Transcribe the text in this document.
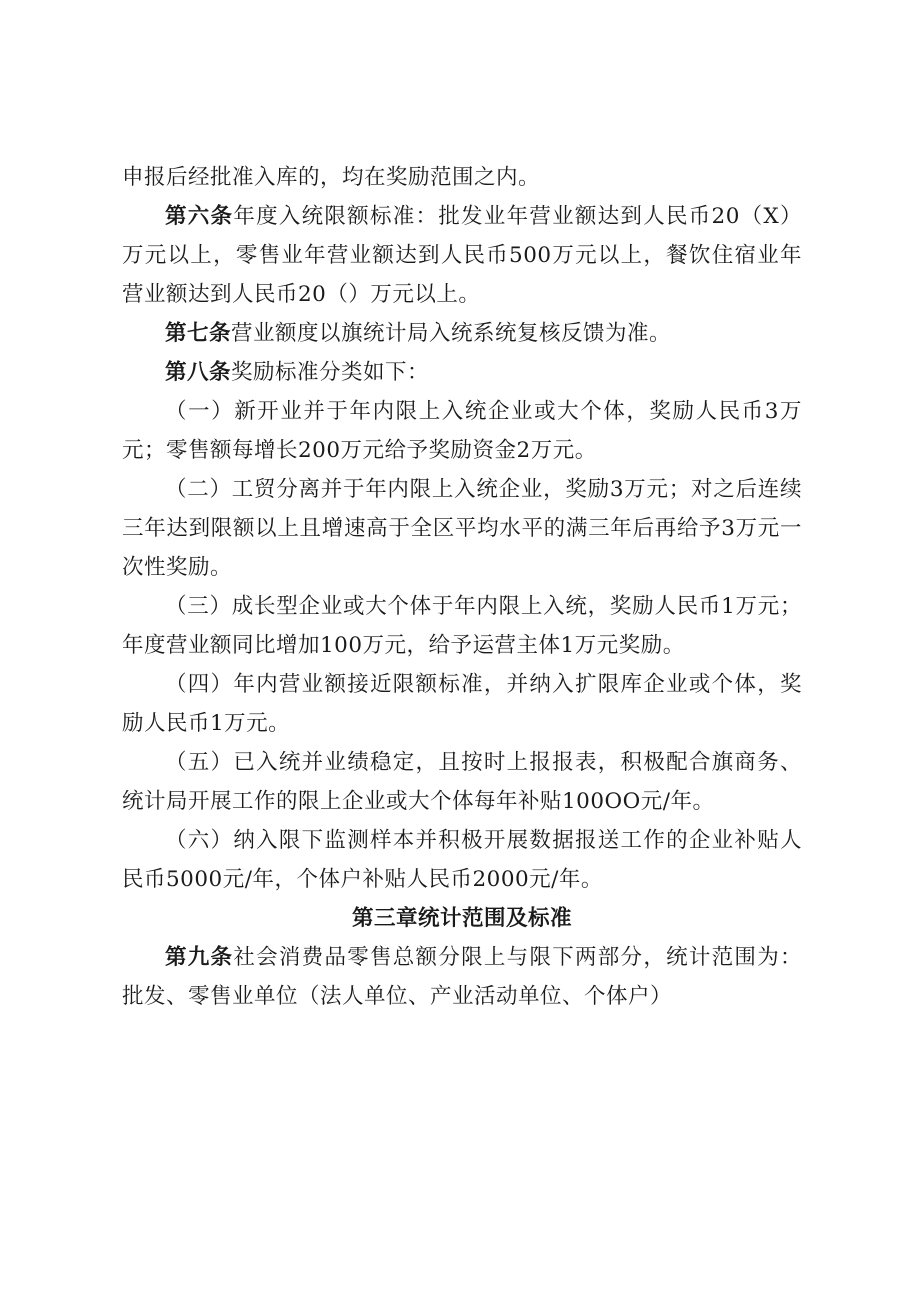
申报后经批准入库的，均在奖励范围之内。

第六条年度入统限额标准：批发业年营业额达到人民币20（X）万元以上，零售业年营业额达到人民币500万元以上，餐饮住宿业年营业额达到人民币20（）万元以上。

第七条营业额度以旗统计局入统系统复核反馈为准。

第八条奖励标准分类如下：

（一）新开业并于年内限上入统企业或大个体，奖励人民币3万元；零售额每增长200万元给予奖励资金2万元。

（二）工贸分离并于年内限上入统企业，奖励3万元；对之后连续三年达到限额以上且增速高于全区平均水平的满三年后再给予3万元一次性奖励。

（三）成长型企业或大个体于年内限上入统，奖励人民币1万元；年度营业额同比增加100万元，给予运营主体1万元奖励。

（四）年内营业额接近限额标准，并纳入扩限库企业或个体，奖励人民币1万元。

（五）已入统并业绩稳定，且按时上报报表，积极配合旗商务、统计局开展工作的限上企业或大个体每年补贴100OO元/年。

（六）纳入限下监测样本并积极开展数据报送工作的企业补贴人民币5000元/年，个体户补贴人民币2000元/年。

第三章统计范围及标准

第九条社会消费品零售总额分限上与限下两部分，统计范围为：批发、零售业单位（法人单位、产业活动单位、个体户）
